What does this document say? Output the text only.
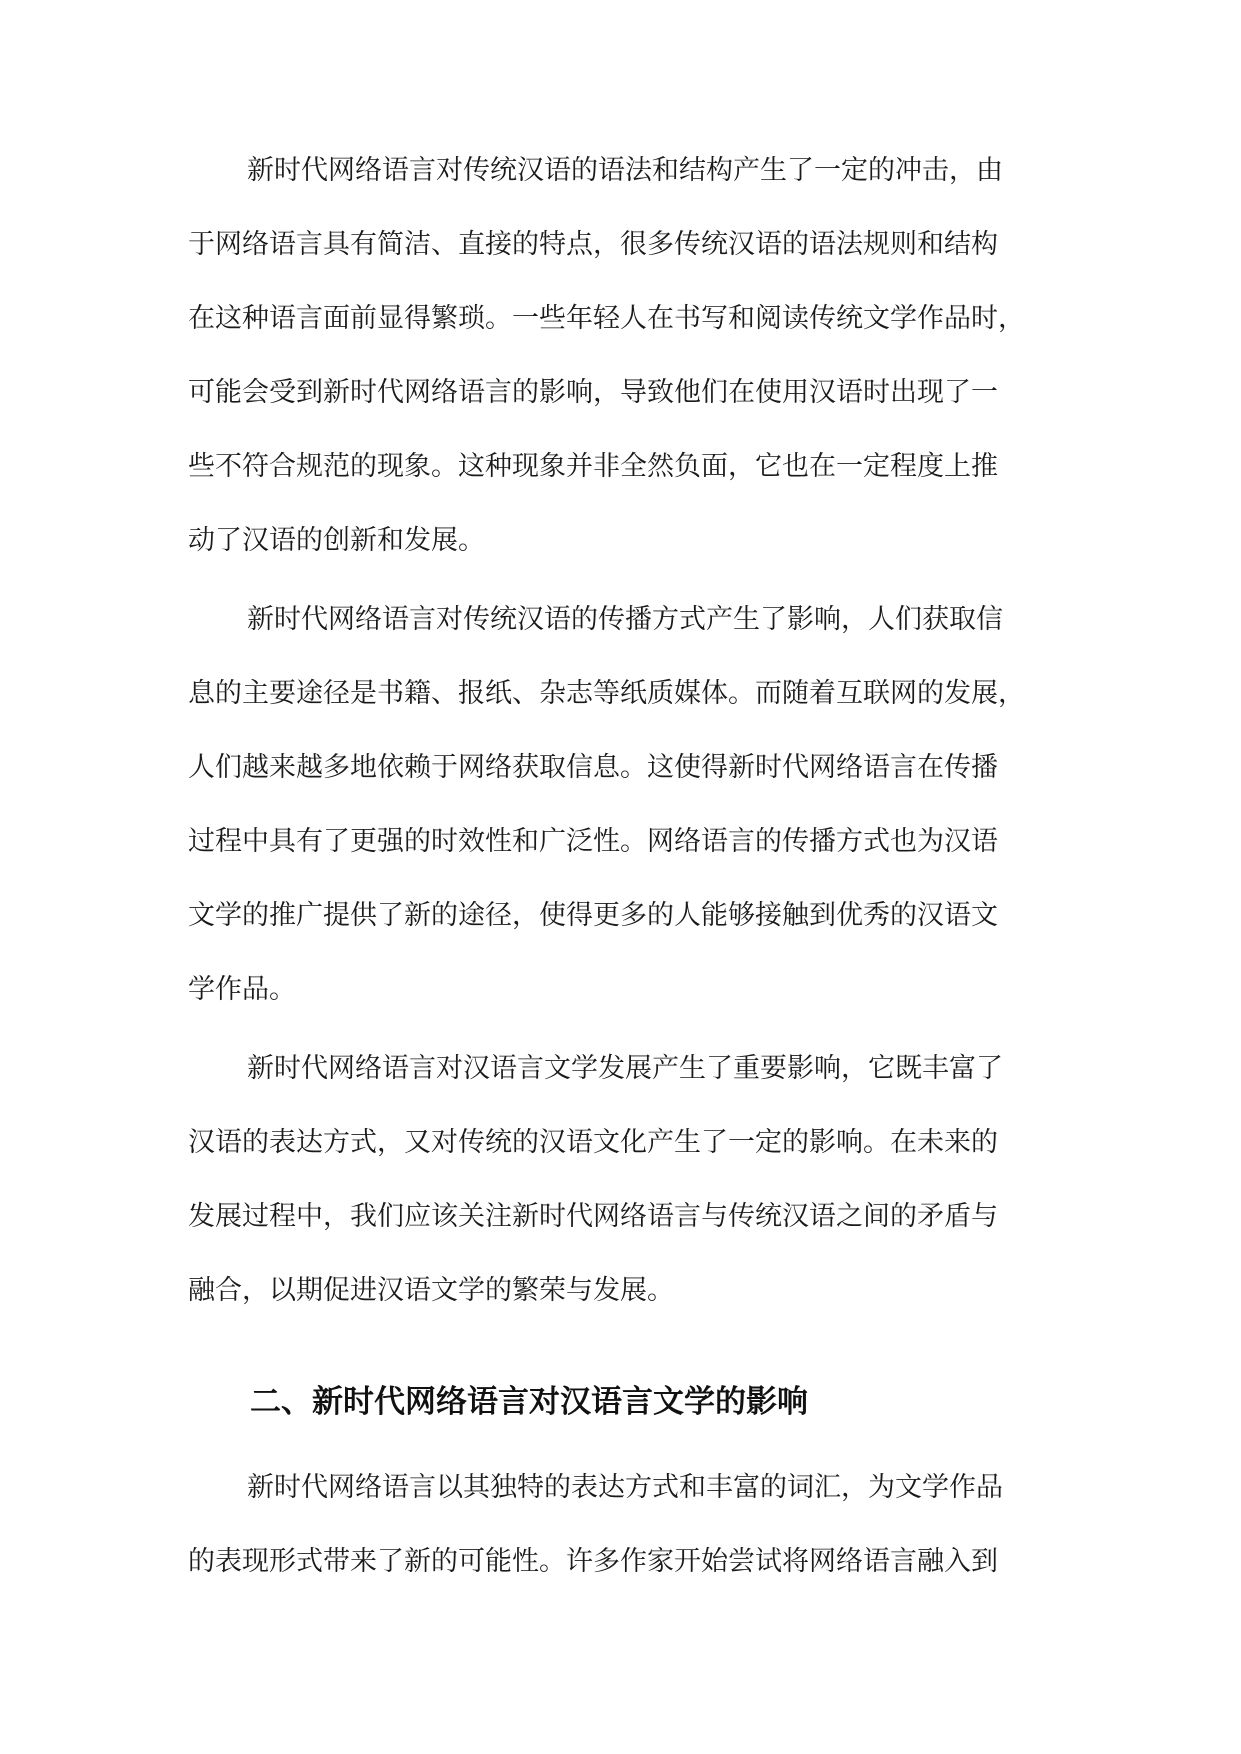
新时代网络语言对传统汉语的语法和结构产生了一定的冲击，由

于网络语言具有简洁、直接的特点，很多传统汉语的语法规则和结构

在这种语言面前显得繁琐。一些年轻人在书写和阅读传统文学作品时，

可能会受到新时代网络语言的影响，导致他们在使用汉语时出现了一

些不符合规范的现象。这种现象并非全然负面，它也在一定程度上推

动了汉语的创新和发展。

新时代网络语言对传统汉语的传播方式产生了影响，人们获取信

息的主要途径是书籍、报纸、杂志等纸质媒体。而随着互联网的发展，

人们越来越多地依赖于网络获取信息。这使得新时代网络语言在传播

过程中具有了更强的时效性和广泛性。网络语言的传播方式也为汉语

文学的推广提供了新的途径，使得更多的人能够接触到优秀的汉语文

学作品。

新时代网络语言对汉语言文学发展产生了重要影响，它既丰富了

汉语的表达方式，又对传统的汉语文化产生了一定的影响。在未来的

发展过程中，我们应该关注新时代网络语言与传统汉语之间的矛盾与

融合，以期促进汉语文学的繁荣与发展。

二、新时代网络语言对汉语言文学的影响

新时代网络语言以其独特的表达方式和丰富的词汇，为文学作品

的表现形式带来了新的可能性。许多作家开始尝试将网络语言融入到
